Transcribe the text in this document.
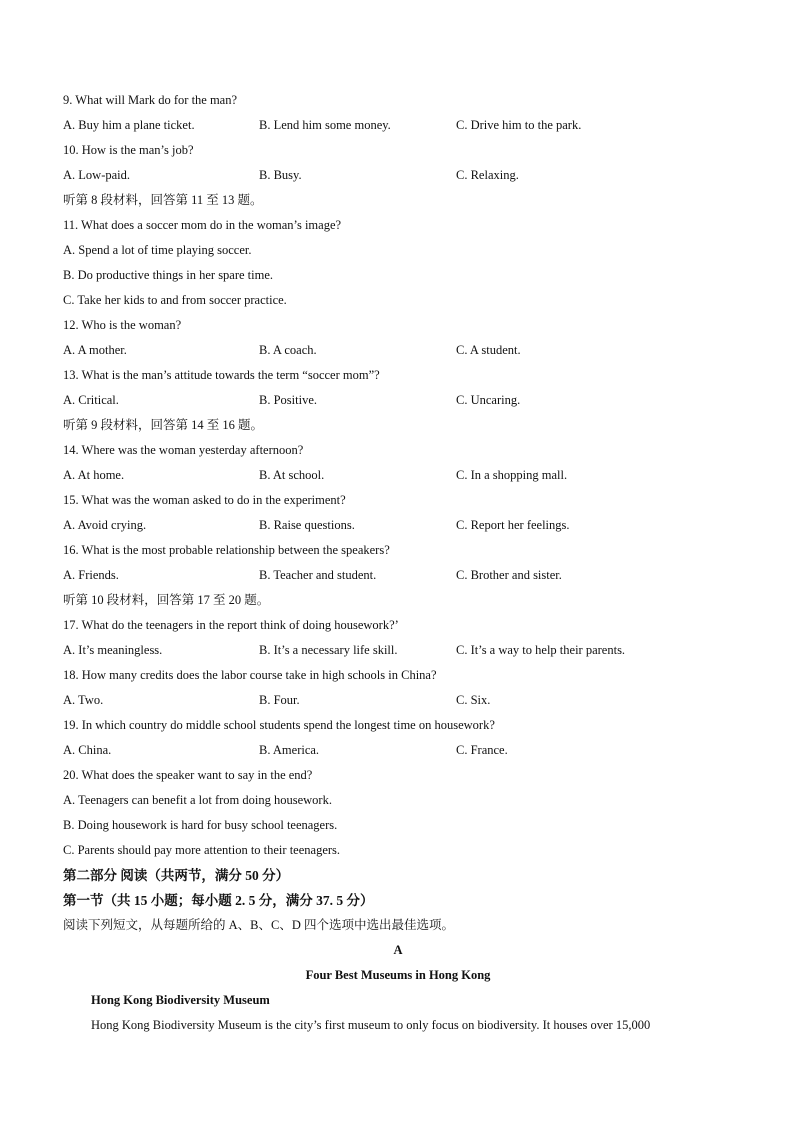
9. What will Mark do for the man?
A. Buy him a plane ticket.	B. Lend him some money.	C. Drive him to the park.
10. How is the man’s job?
A. Low-paid.	B. Busy.	C. Relaxing.
听第 8 段材料，回答第 11 至 13 题。
11. What does a soccer mom do in the woman’s image?
A. Spend a lot of time playing soccer.
B. Do productive things in her spare time.
C. Take her kids to and from soccer practice.
12. Who is the woman?
A. A mother.	B. A coach.	C. A student.
13. What is the man’s attitude towards the term “soccer mom”?
A. Critical.	B. Positive.	C. Uncaring.
听第 9 段材料，回答第 14 至 16 题。
14. Where was the woman yesterday afternoon?
A. At home.	B. At school.	C. In a shopping mall.
15. What was the woman asked to do in the experiment?
A. Avoid crying.	B. Raise questions.	C. Report her feelings.
16. What is the most probable relationship between the speakers?
A. Friends.	B. Teacher and student.	C. Brother and sister.
听第 10 段材料，回答第 17 至 20 题。
17. What do the teenagers in the report think of doing housework?’
A. It’s meaningless.	B. It’s a necessary life skill.	C. It’s a way to help their parents.
18. How many credits does the labor course take in high schools in China?
A. Two.	B. Four.	C. Six.
19. In which country do middle school students spend the longest time on housework?
A. China.	B. America.	C. France.
20. What does the speaker want to say in the end?
A. Teenagers can benefit a lot from doing housework.
B. Doing housework is hard for busy school teenagers.
C. Parents should pay more attention to their teenagers.
第二部分 阅读（共两节，满分 50 分）
第一节（共 15 小题；每小题 2. 5 分，满分 37. 5 分）
阅读下列短文，从每题所给的 A、B、C、D 四个选项中选出最佳选项。
A
Four Best Museums in Hong Kong
Hong Kong Biodiversity Museum
Hong Kong Biodiversity Museum is the city’s first museum to only focus on biodiversity. It houses over 15,000
